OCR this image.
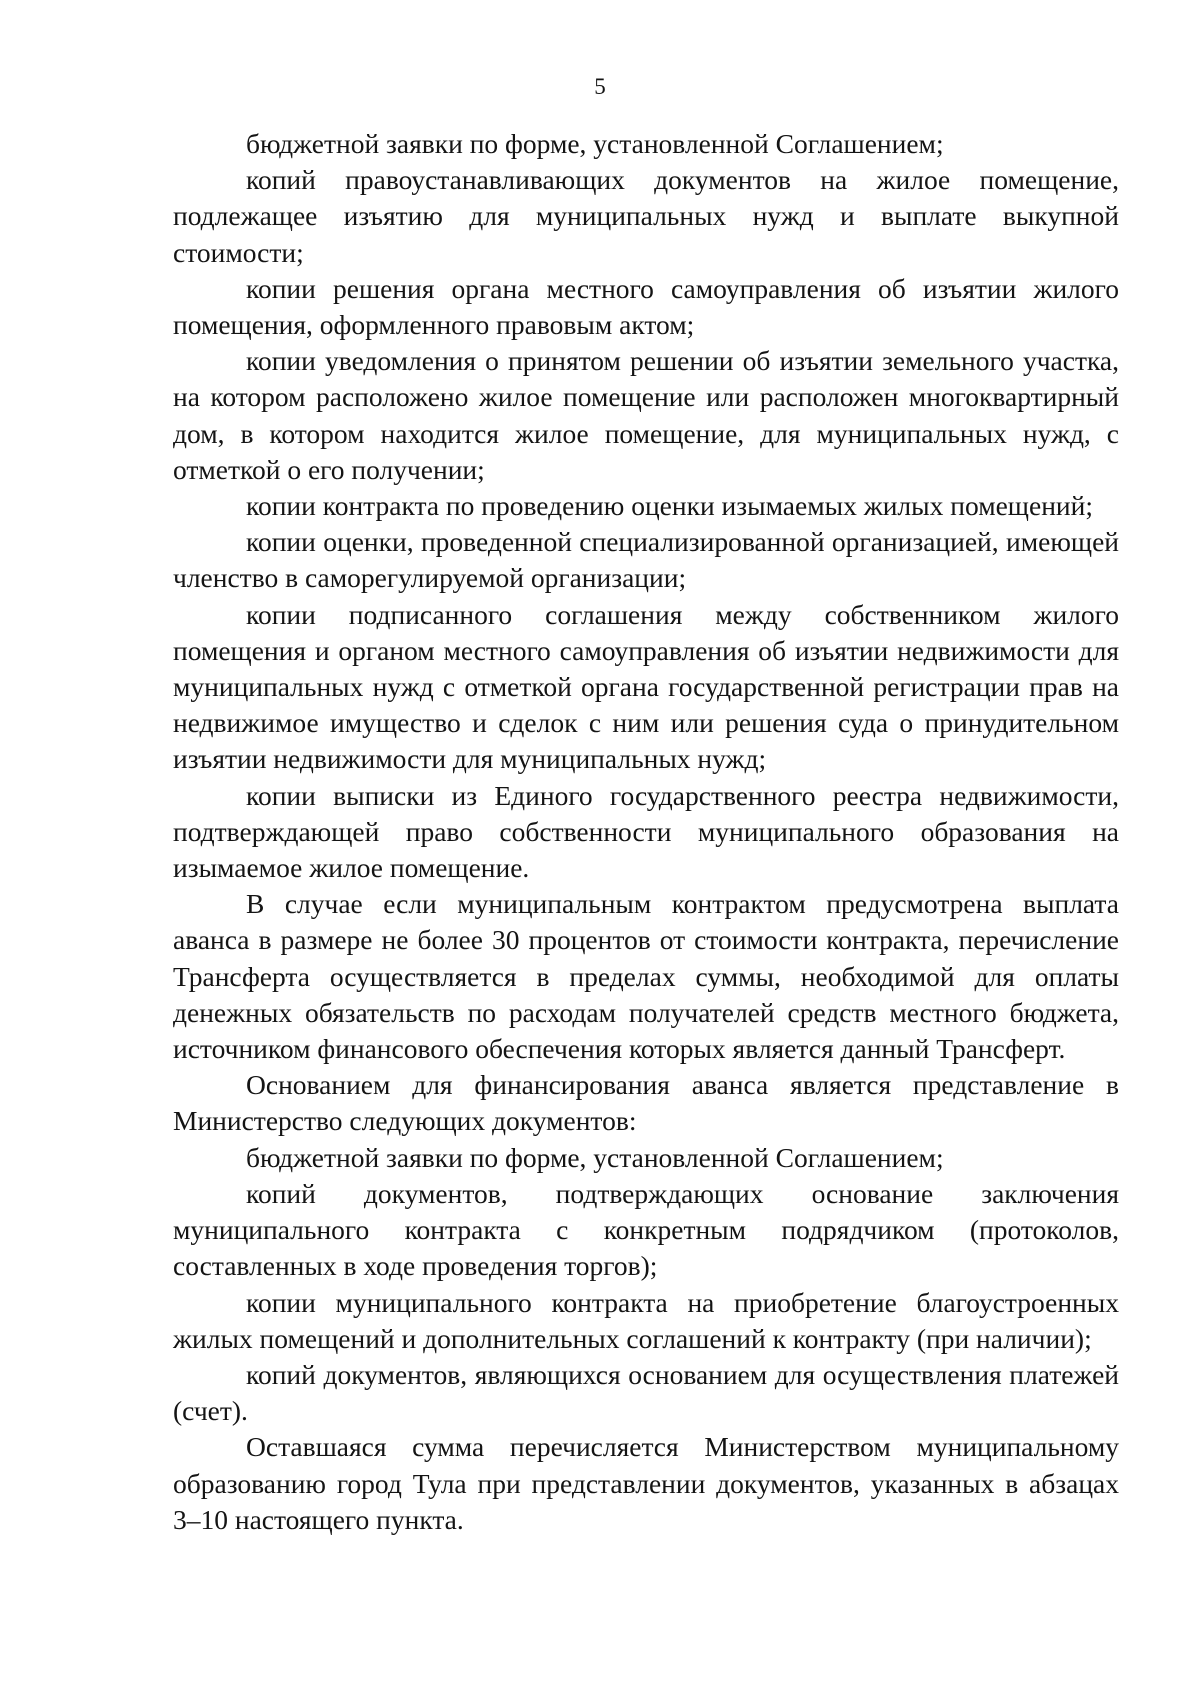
5

бюджетной заявки по форме, установленной Соглашением;

копий правоустанавливающих документов на жилое помещение, подлежащее изъятию для муниципальных нужд и выплате выкупной стоимости;

копии решения органа местного самоуправления об изъятии жилого помещения, оформленного правовым актом;

копии уведомления о принятом решении об изъятии земельного участка, на котором расположено жилое помещение или расположен многоквартирный дом, в котором находится жилое помещение, для муниципальных нужд, с отметкой о его получении;

копии контракта по проведению оценки изымаемых жилых помещений;

копии оценки, проведенной специализированной организацией, имеющей членство в саморегулируемой организации;

копии подписанного соглашения между собственником жилого помещения и органом местного самоуправления об изъятии недвижимости для муниципальных нужд с отметкой органа государственной регистрации прав на недвижимое имущество и сделок с ним или решения суда о принудительном изъятии недвижимости для муниципальных нужд;

копии выписки из Единого государственного реестра недвижимости, подтверждающей право собственности муниципального образования на изымаемое жилое помещение.

В случае если муниципальным контрактом предусмотрена выплата аванса в размере не более 30 процентов от стоимости контракта, перечисление Трансферта осуществляется в пределах суммы, необходимой для оплаты денежных обязательств по расходам получателей средств местного бюджета, источником финансового обеспечения которых является данный Трансферт.

Основанием для финансирования аванса является представление в Министерство следующих документов:

бюджетной заявки по форме, установленной Соглашением;

копий документов, подтверждающих основание заключения муниципального контракта с конкретным подрядчиком (протоколов, составленных в ходе проведения торгов);

копии муниципального контракта на приобретение благоустроенных жилых помещений и дополнительных соглашений к контракту (при наличии);

копий документов, являющихся основанием для осуществления платежей (счет).

Оставшаяся сумма перечисляется Министерством муниципальному образованию город Тула при представлении документов, указанных в абзацах 3–10 настоящего пункта.
